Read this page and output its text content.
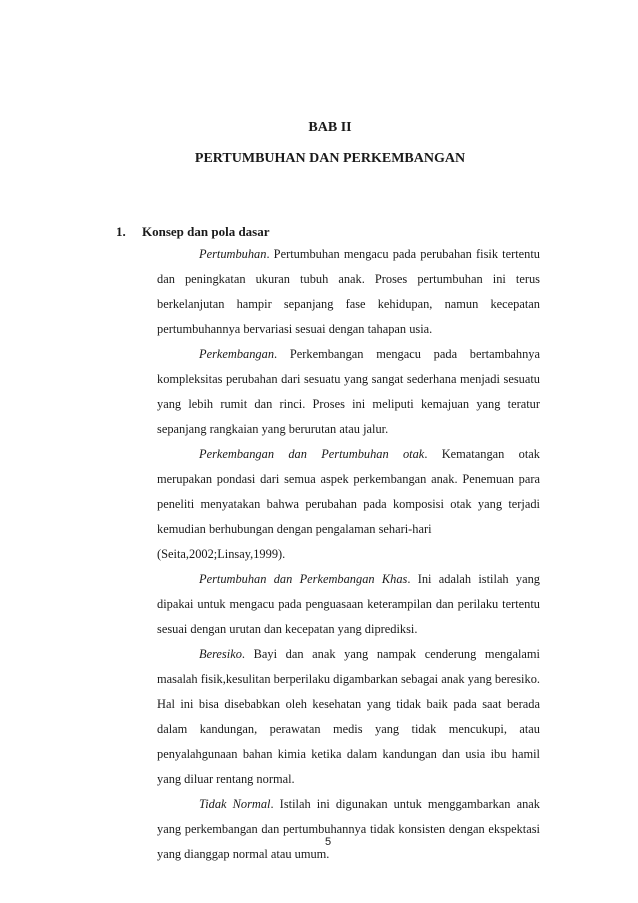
BAB II
PERTUMBUHAN DAN PERKEMBANGAN
1. Konsep dan pola dasar

Pertumbuhan. Pertumbuhan mengacu pada perubahan fisik tertentu dan peningkatan ukuran tubuh anak. Proses pertumbuhan ini terus berkelanjutan hampir sepanjang fase kehidupan, namun kecepatan pertumbuhannya bervariasi sesuai dengan tahapan usia.

Perkembangan. Perkembangan mengacu pada bertambahnya kompleksitas perubahan dari sesuatu yang sangat sederhana menjadi sesuatu yang lebih rumit dan rinci. Proses ini meliputi kemajuan yang teratur sepanjang rangkaian yang berurutan atau jalur.

Perkembangan dan Pertumbuhan otak. Kematangan otak merupakan pondasi dari semua aspek perkembangan anak. Penemuan para peneliti menyatakan bahwa perubahan pada komposisi otak yang terjadi kemudian berhubungan dengan pengalaman sehari-hari

(Seita,2002;Linsay,1999).

Pertumbuhan dan Perkembangan Khas. Ini adalah istilah yang dipakai untuk mengacu pada penguasaan keterampilan dan perilaku tertentu sesuai dengan urutan dan kecepatan yang diprediksi.

Beresiko. Bayi dan anak yang nampak cenderung mengalami masalah fisik,kesulitan berperilaku digambarkan sebagai anak yang beresiko. Hal ini bisa disebabkan oleh kesehatan yang tidak baik pada saat berada dalam kandungan, perawatan medis yang tidak mencukupi, atau penyalahgunaan bahan kimia ketika dalam kandungan dan usia ibu hamil yang diluar rentang normal.

Tidak Normal. Istilah ini digunakan untuk menggambarkan anak yang perkembangan dan pertumbuhannya tidak konsisten dengan ekspektasi yang dianggap normal atau umum.

5
